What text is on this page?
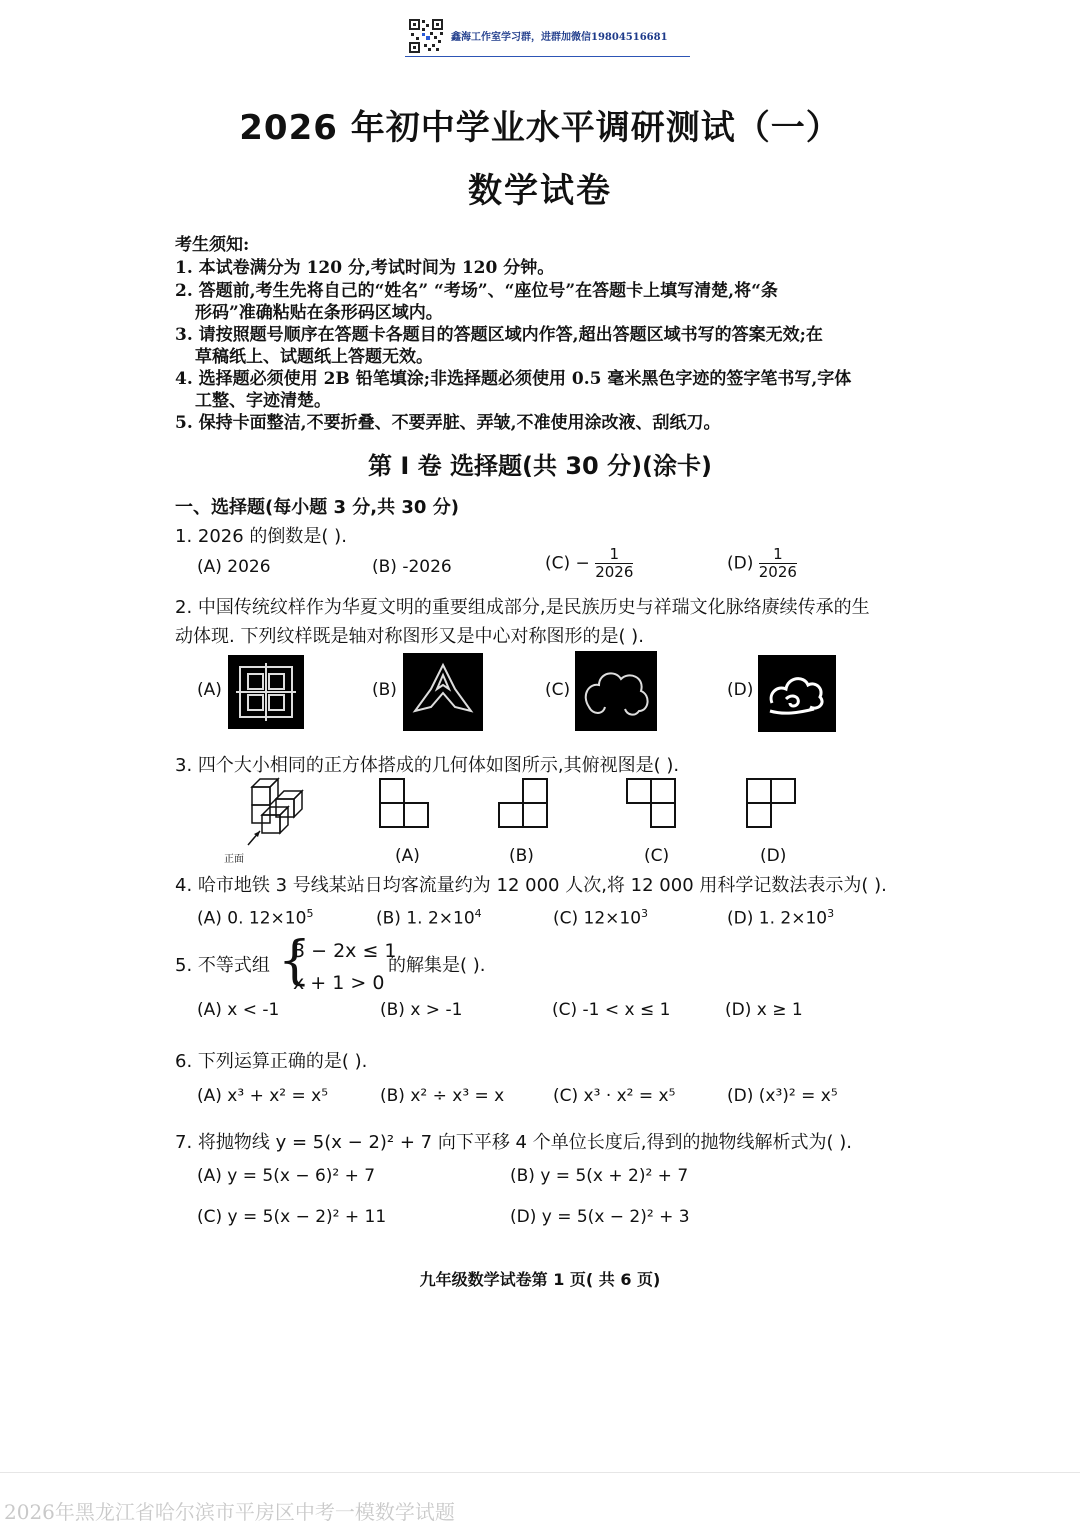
鑫海工作室学习群，进群加微信19804516681
2026 年初中学业水平调研测试（一）
数学试卷
考生须知:
1. 本试卷满分为 120 分,考试时间为 120 分钟。
2. 答题前,考生先将自己的“姓名” “考场”、“座位号”在答题卡上填写清楚,将“条
形码”准确粘贴在条形码区域内。
3. 请按照题号顺序在答题卡各题目的答题区域内作答,超出答题区域书写的答案无效;在
草稿纸上、试题纸上答题无效。
4. 选择题必须使用 2B 铅笔填涂;非选择题必须使用 0.5 毫米黑色字迹的签字笔书写,字体
工整、字迹清楚。
5. 保持卡面整洁,不要折叠、不要弄脏、弄皱,不准使用涂改液、刮纸刀。
第 I 卷 选择题(共 30 分)(涂卡)
一、选择题(每小题 3 分,共 30 分)
1. 2026 的倒数是( ).
(A) 2026	(B) -2026	$(C) - \frac{1}{2026}$	$(D) \frac{1}{2026}$
2. 中国传统纹样作为华夏文明的重要组成部分,是民族历史与祥瑞文化脉络赓续传承的生
动体现. 下列纹样既是轴对称图形又是中心对称图形的是( ).
(A)	(B)	(C)	(D)
3. 四个大小相同的正方体搭成的几何体如图所示,其俯视图是( ).
正面	(A)	(B)	(C)	(D)
4. 哈市地铁 3 号线某站日均客流量约为 12 000 人次,将 12 000 用科学记数法表示为( ).
(A) 0. $12\times 10^5$	(B) 1. $2\times 10^4$	(C) $12\times 10^3$	(D) 1. $2\times 10^3$
5. 不等式组 {
3 − 2x ≤ 1
x + 1 > 0
的解集是( ).
(A) x < -1	(B) x > -1	(C) -1 < x ≤ 1	(D) x ≥ 1
6. 下列运算正确的是( ).
(A) x³ + x² = x⁵	(B) x² ÷ x³ = x	(C) x³ · x² = x⁵	(D) (x³)² = x⁵
7. 将抛物线 y = 5(x − 2)² + 7 向下平移 4 个单位长度后,得到的抛物线解析式为( ).
(A) y = 5(x − 6)² + 7	(B) y = 5(x + 2)² + 7
(C) y = 5(x − 2)² + 11	(D) y = 5(x − 2)² + 3
九年级数学试卷第 1 页( 共 6 页)
2026年黑龙江省哈尔滨市平房区中考一模数学试题
